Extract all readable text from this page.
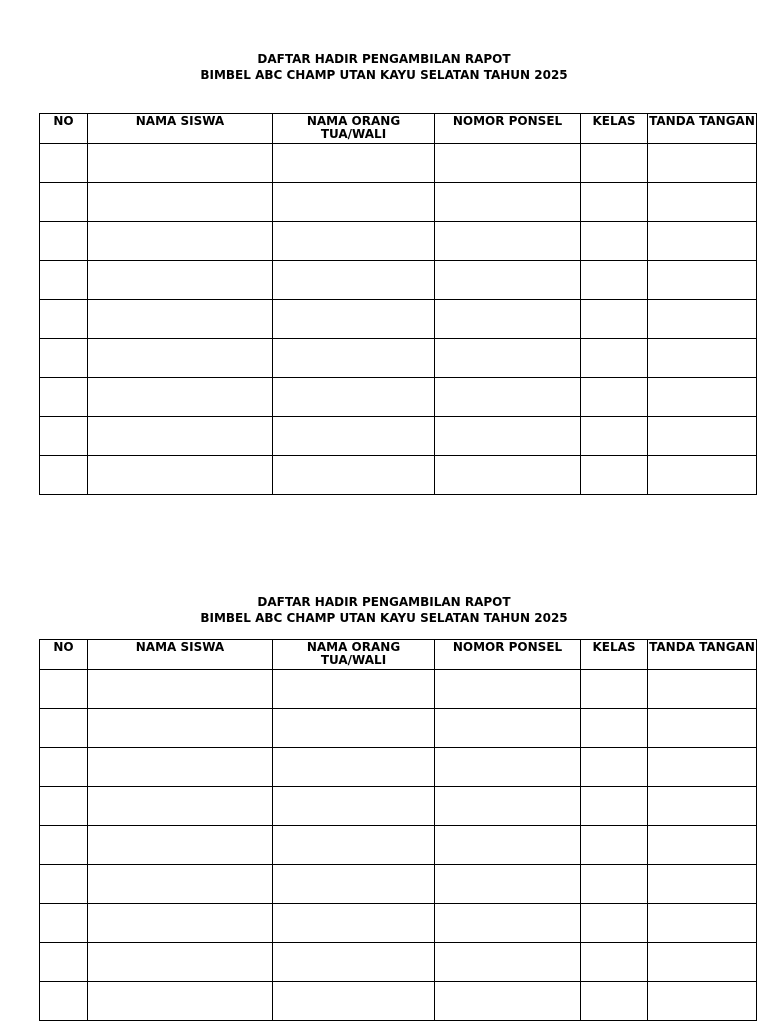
DAFTAR HADIR PENGAMBILAN RAPOT
BIMBEL ABC CHAMP UTAN KAYU SELATAN TAHUN 2025
NO	NAMA SISWA	NAMA ORANG TUA/WALI	NOMOR PONSEL	KELAS	TANDA TANGAN

DAFTAR HADIR PENGAMBILAN RAPOT
BIMBEL ABC CHAMP UTAN KAYU SELATAN TAHUN 2025
NO	NAMA SISWA	NAMA ORANG TUA/WALI	NOMOR PONSEL	KELAS	TANDA TANGAN
